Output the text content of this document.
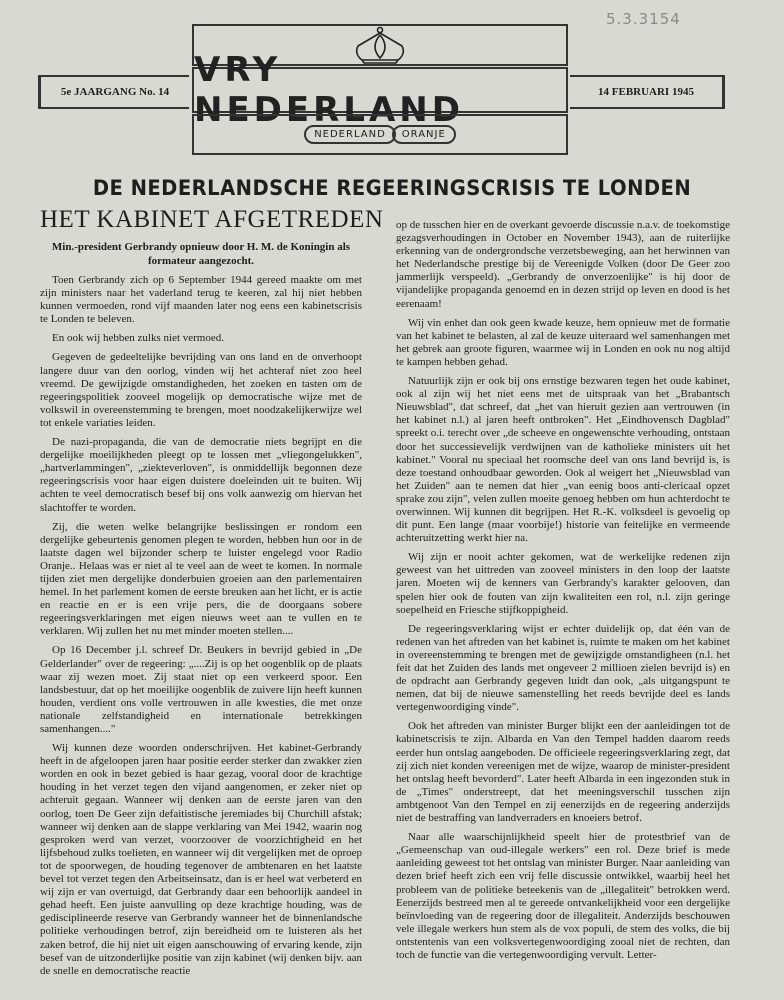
5.3.3154
5e JAARGANG No. 14
VRY NEDERLAND
NEDERLAND	ORANJE
14 FEBRUARI 1945
DE NEDERLANDSCHE REGEERINGSCRISIS TE LONDEN

HET KABINET AFGETREDEN

Min.-president Gerbrandy opnieuw door H. M. de Koningin als formateur aangezocht.

Toen Gerbrandy zich op 6 September 1944 gereed maakte om met zijn ministers naar het vaderland terug te keeren, zal hij niet hebben kunnen vermoeden, rond vijf maanden later nog eens een kabinetscrisis te Londen te beleven.

En ook wij hebben zulks niet vermoed.

Gegeven de gedeeltelijke bevrijding van ons land en de onverhoopt langere duur van den oorlog, vinden wij het achteraf niet zoo heel vreemd. De gewijzigde omstandigheden, het zoeken en tasten om de regeeringspolitiek zooveel mogelijk op democratische wijze met de volkswil in overeenstemming te brengen, moet noodzakelijkerwijze wel tot enkele variaties leiden.

De nazi-propaganda, die van de democratie niets begrijpt en die dergelijke moeilijkheden pleegt op te lossen met „vliegongelukken", „hartverlammingen", „ziekteverloven", is onmiddellijk begonnen deze regeeringscrisis voor haar eigen duistere doeleinden uit te buiten. Wij achten te veel democratisch besef bij ons volk aanwezig om hiervan het slachtoffer te worden.

Zij, die weten welke belangrijke beslissingen er rondom een dergelijke gebeurtenis genomen plegen te worden, hebben hun oor in de laatste dagen wel bijzonder scherp te luister engelegd voor Radio Oranje.. Helaas was er niet al te veel aan de weet te komen. In normale tijden ziet men dergelijke donderbuien groeien aan den parlementairen hemel. In het parlement komen de eerste breuken aan het licht, er is actie en reactie en er is een vrije pers, die de doorgaans sobere regeeringsverklaringen met eigen nieuws weet aan te vullen en te verklaren. Wij zullen het nu met minder moeten stellen....

Op 16 December j.l. schreef Dr. Beukers in bevrijd gebied in „De Gelderlander" over de regeering: „....Zij is op het oogenblik op de plaats waar zij wezen moet. Zij staat niet op een verkeerd spoor. Een landsbestuur, dat op het moeilijke oogenblik de zuivere lijn heeft kunnen houden, verdient ons volle vertrouwen in alle kwesties, die met onze nationale zelfstandigheid en internationale betrekkingen samenhangen...."

Wij kunnen deze woorden onderschrijven. Het kabinet-Gerbrandy heeft in de afgeloopen jaren haar positie eerder sterker dan zwakker zien worden en ook in bezet gebied is haar gezag, vooral door de krachtige houding in het verzet tegen den vijand aangenomen, er zeker niet op achteruit gegaan. Wanneer wij denken aan de eerste jaren van den oorlog, toen De Geer zijn defaitistische jeremiades bij Churchill afstak; wanneer wij denken aan de slappe verklaring van Mei 1942, waarin nog gesproken werd van verzet, voorzoover de voorzichtigheid en het lijfsbehoud zulks toelieten, en wanneer wij dit vergelijken met de oproep tot de spoorwegen, de houding tegenover de ambtenaren en het laatste bevel tot verzet tegen den Arbeitseinsatz, dan is er heel wat verbeterd en wij zijn er van overtuigd, dat Gerbrandy daar een behoorlijk aandeel in gehad heeft. Een juiste aanvulling op deze krachtige houding, was de gedisciplineerde reserve van Gerbrandy wanneer het de binnenlandsche politieke verhoudingen betrof, zijn bereidheid om te luisteren als het zaken betrof, die hij niet uit eigen aanschouwing of ervaring kende, zijn besef van de uitzonderlijke positie van zijn kabinet (wij denken bijv. aan de snelle en democratische reactie

op de tusschen hier en de overkant gevoerde discussie n.a.v. de toekomstige gezagsverhoudingen in October en November 1943), aan de ruiterlijke erkenning van de ondergrondsche verzetsbeweging, aan het herwinnen van het Nederlandsche prestige bij de Vereenigde Volken (door De Geer zoo jammerlijk verspeeld). „Gerbrandy de onverzoenlijke" is hij door de vijandelijke propaganda genoemd en in dezen strijd op leven en dood is het eerenaam!

Wij vin enhet dan ook geen kwade keuze, hem opnieuw met de formatie van het kabinet te belasten, al zal de keuze uiteraard wel samenhangen met het gebrek aan groote figuren, waarmee wij in Londen en ook nu nog altijd te kampen hebben gehad.

Natuurlijk zijn er ook bij ons ernstige bezwaren tegen het oude kabinet, ook al zijn wij het niet eens met de uitspraak van het „Brabantsch Nieuwsblad", dat schreef, dat „het van hieruit gezien aan vertrouwen (in het kabinet n.l.) al jaren heeft ontbroken". Het „Eindhovensch Dagblad" spreekt o.i. terecht over „de scheeve en ongewenschte verhouding, ontstaan door het successievelijk verdwijnen van de katholieke ministers uit het kabinet." Vooral nu speciaal het roomsche deel van ons land bevrijd is, is deze toestand onhoudbaar geworden. Ook al weigert het „Nieuwsblad van het Zuiden" aan te nemen dat hier „van eenig boos anti-clericaal opzet sprake zou zijn", velen zullen moeite genoeg hebben om hun achterdocht te overwinnen. Wij kunnen dit begrijpen. Het R.-K. volksdeel is gevoelig op dit punt. Een lange (maar voorbije!) historie van feitelijke en vermeende achteruitzetting werkt hier na.

Wij zijn er nooit achter gekomen, wat de werkelijke redenen zijn geweest van het uittreden van zooveel ministers in den loop der laatste jaren. Moeten wij de kenners van Gerbrandy's karakter gelooven, dan spelen hier ook de fouten van zijn kwaliteiten een rol, n.l. zijn geringe soepelheid en Friesche stijfkoppigheid.

De regeeringsverklaring wijst er echter duidelijk op, dat één van de redenen van het aftreden van het kabinet is, ruimte te maken om het kabinet in overeenstemming te brengen met de gewijzigde omstandigheen (n.l. het feit dat het Zuiden des lands met ongeveer 2 millioen zielen bevrijd is) en de opdracht aan Gerbrandy gegeven luidt dan ook, „als uitgangspunt te nemen, dat bij de nieuwe samenstelling het reeds bevrijde deel es lands vertegenwoordiging vinde".

Ook het aftreden van minister Burger blijkt een der aanleidingen tot de kabinetscrisis te zijn. Albarda en Van den Tempel hadden daarom reeds eerder hun ontslag aangeboden. De officieele regeeringsverklaring zegt, dat zij zich niet konden vereenigen met de wijze, waarop de minister-president het ontslag heeft bevorderd". Later heeft Albarda in een ingezonden stuk in de „Times" onderstreept, dat het meeningsverschil tusschen zijn ambtgenoot Van den Tempel en zij eenerzijds en de regeering anderzijds niet de bestraffing van landverraders en knoeiers betrof.

Naar alle waarschijnlijkheid speelt hier de protestbrief van de „Gemeenschap van oud-illegale werkers" een rol. Deze brief is mede aanleiding geweest tot het ontslag van minister Burger. Naar aanleiding van dezen brief heeft zich een vrij felle discussie ontwikkel, waarbij heel het probleem van de politieke beteekenis van de „illegaliteit" betrokken werd. Eenerzijds bestreed men al te gereede ontvankelijkheid voor een dergelijke beïnvloeding van de regeering door de illegaliteit. Anderzijds beschouwen vele illegale werkers hun stem als de vox populi, de stem des volks, die bij ontstentenis van een volksvertegenwoordiging zooal niet de rechten, dan toch de functie van die vertegenwoordiging vervult. Letter-
